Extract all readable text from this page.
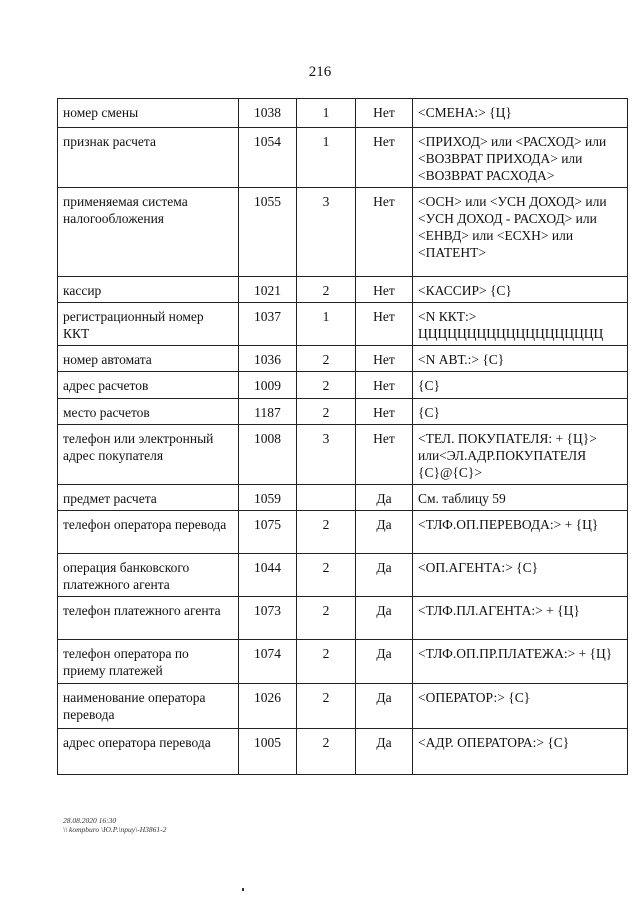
216
номер смены	1038	1	Нет	<СМЕНА:> {Ц}
признак расчета	1054	1	Нет	<ПРИХОД> или <РАСХОД> или <ВОЗВРАТ ПРИХОДА> или <ВОЗВРАТ РАСХОДА>
применяемая система налогообложения	1055	3	Нет	<ОСН> или <УСН ДОХОД> или <УСН ДОХОД - РАСХОД> или <ЕНВД> или <ЕСХН> или <ПАТЕНТ>
кассир	1021	2	Нет	<КАССИР> {С}
регистрационный номер ККТ	1037	1	Нет	<N ККТ:> ЦЦЦЦЦЦЦЦЦЦЦЦЦЦЦЦЦЦЦ
номер автомата	1036	2	Нет	<N АВТ.:> {С}
адрес расчетов	1009	2	Нет	{С}
место расчетов	1187	2	Нет	{С}
телефон или электронный адрес покупателя	1008	3	Нет	<ТЕЛ. ПОКУПАТЕЛЯ: + {Ц}> или<ЭЛ.АДР.ПОКУПАТЕЛЯ {С}@{С}>
предмет расчета	1059		Да	См. таблицу 59
телефон оператора перевода	1075	2	Да	<ТЛФ.ОП.ПЕРЕВОДА:> + {Ц}
операция банковского платежного агента	1044	2	Да	<ОП.АГЕНТА:> {С}
телефон платежного агента	1073	2	Да	<ТЛФ.ПЛ.АГЕНТА:> + {Ц}
телефон оператора по приему платежей	1074	2	Да	<ТЛФ.ОП.ПР.ПЛАТЕЖА:> + {Ц}
наименование оператора перевода	1026	2	Да	<ОПЕРАТОР:> {С}
адрес оператора перевода	1005	2	Да	<АДР. ОПЕРАТОРА:> {С}
28.08.2020 16:30
\\ kompburo \Ю.Р.\приу\-Н3861-2
